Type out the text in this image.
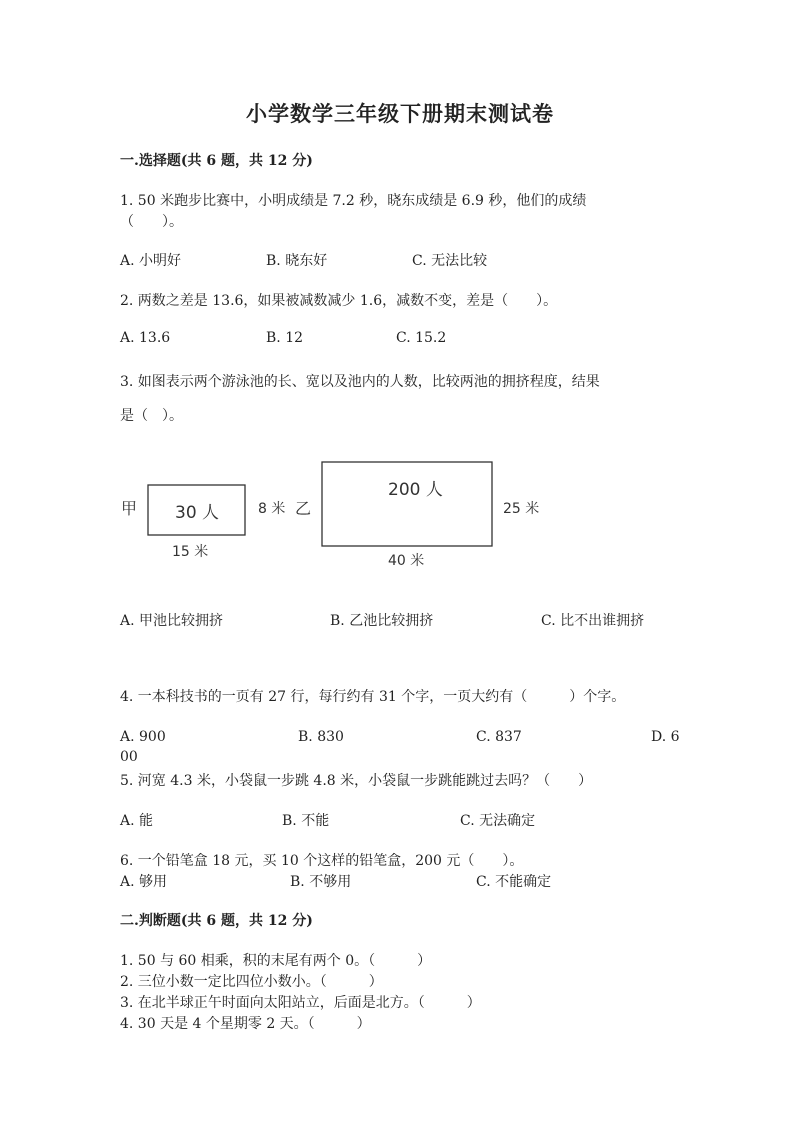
小学数学三年级下册期末测试卷
一.选择题(共 6 题，共 12 分)
1. 50 米跑步比赛中，小明成绩是 7.2 秒，晓东成绩是 6.9 秒，他们的成绩
（　　）。
A. 小明好	B. 晓东好	C. 无法比较
2. 两数之差是 13.6，如果被减数减少 1.6，减数不变，差是（　　）。
A. 13.6	B. 12	C. 15.2
3. 如图表示两个游泳池的长、宽以及池内的人数，比较两池的拥挤程度，结果
是（　）。
甲 30 人
15 米
8 米 乙
200 人
25 米
40 米
A. 甲池比较拥挤	B. 乙池比较拥挤	C. 比不出谁拥挤
4. 一本科技书的一页有 27 行，每行约有 31 个字，一页大约有（　　　）个字。
A. 900	B. 830	C. 837	D. 6
00
5. 河宽 4.3 米，小袋鼠一步跳 4.8 米，小袋鼠一步跳能跳过去吗？（　　）
A. 能	B. 不能	C. 无法确定
6. 一个铅笔盒 18 元，买 10 个这样的铅笔盒，200 元（　　）。
A. 够用	B. 不够用	C. 不能确定
二.判断题(共 6 题，共 12 分)
1. 50 与 60 相乘，积的末尾有两个 0。（　　　）
2. 三位小数一定比四位小数小。（　　　）
3. 在北半球正午时面向太阳站立，后面是北方。（　　　）
4. 30 天是 4 个星期零 2 天。（　　　）
